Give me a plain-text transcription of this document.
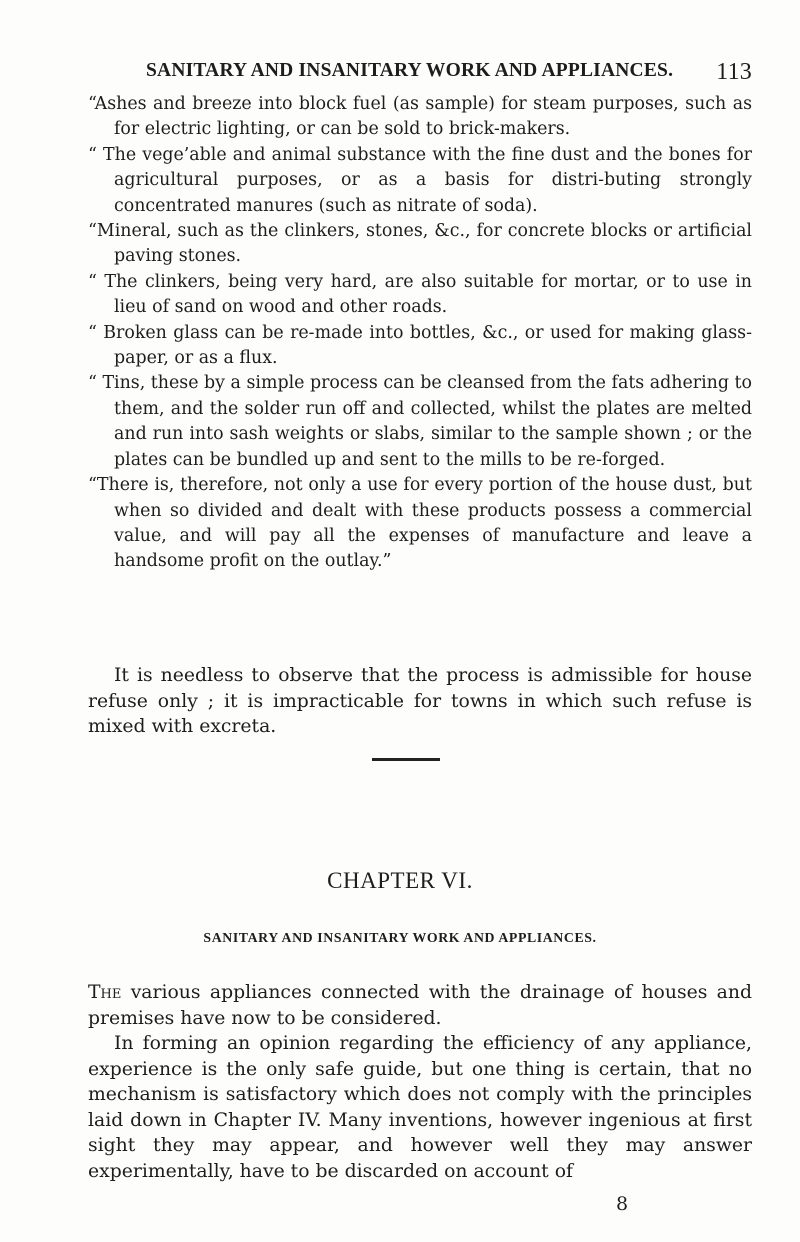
SANITARY AND INSANITARY WORK AND APPLIANCES. 113

“Ashes and breeze into block fuel (as sample) for steam purposes, such as for electric lighting, or can be sold to brick-makers.

“ The vege’able and animal substance with the fine dust and the bones for agricultural purposes, or as a basis for distri-buting strongly concentrated manures (such as nitrate of soda).

“Mineral, such as the clinkers, stones, &c., for concrete blocks or artificial paving stones.

“ The clinkers, being very hard, are also suitable for mortar, or to use in lieu of sand on wood and other roads.

“ Broken glass can be re-made into bottles, &c., or used for making glass-paper, or as a flux.

“ Tins, these by a simple process can be cleansed from the fats adhering to them, and the solder run off and collected, whilst the plates are melted and run into sash weights or slabs, similar to the sample shown ; or the plates can be bundled up and sent to the mills to be re-forged.

“There is, therefore, not only a use for every portion of the house dust, but when so divided and dealt with these products possess a commercial value, and will pay all the expenses of manufacture and leave a handsome profit on the outlay.”

It is needless to observe that the process is admissible for house refuse only ; it is impracticable for towns in which such refuse is mixed with excreta.

CHAPTER VI.
SANITARY AND INSANITARY WORK AND APPLIANCES.

The various appliances connected with the drainage of houses and premises have now to be considered.

In forming an opinion regarding the efficiency of any appliance, experience is the only safe guide, but one thing is certain, that no mechanism is satisfactory which does not comply with the principles laid down in Chapter IV. Many inventions, however ingenious at first sight they may appear, and however well they may answer experimentally, have to be discarded on account of

8
